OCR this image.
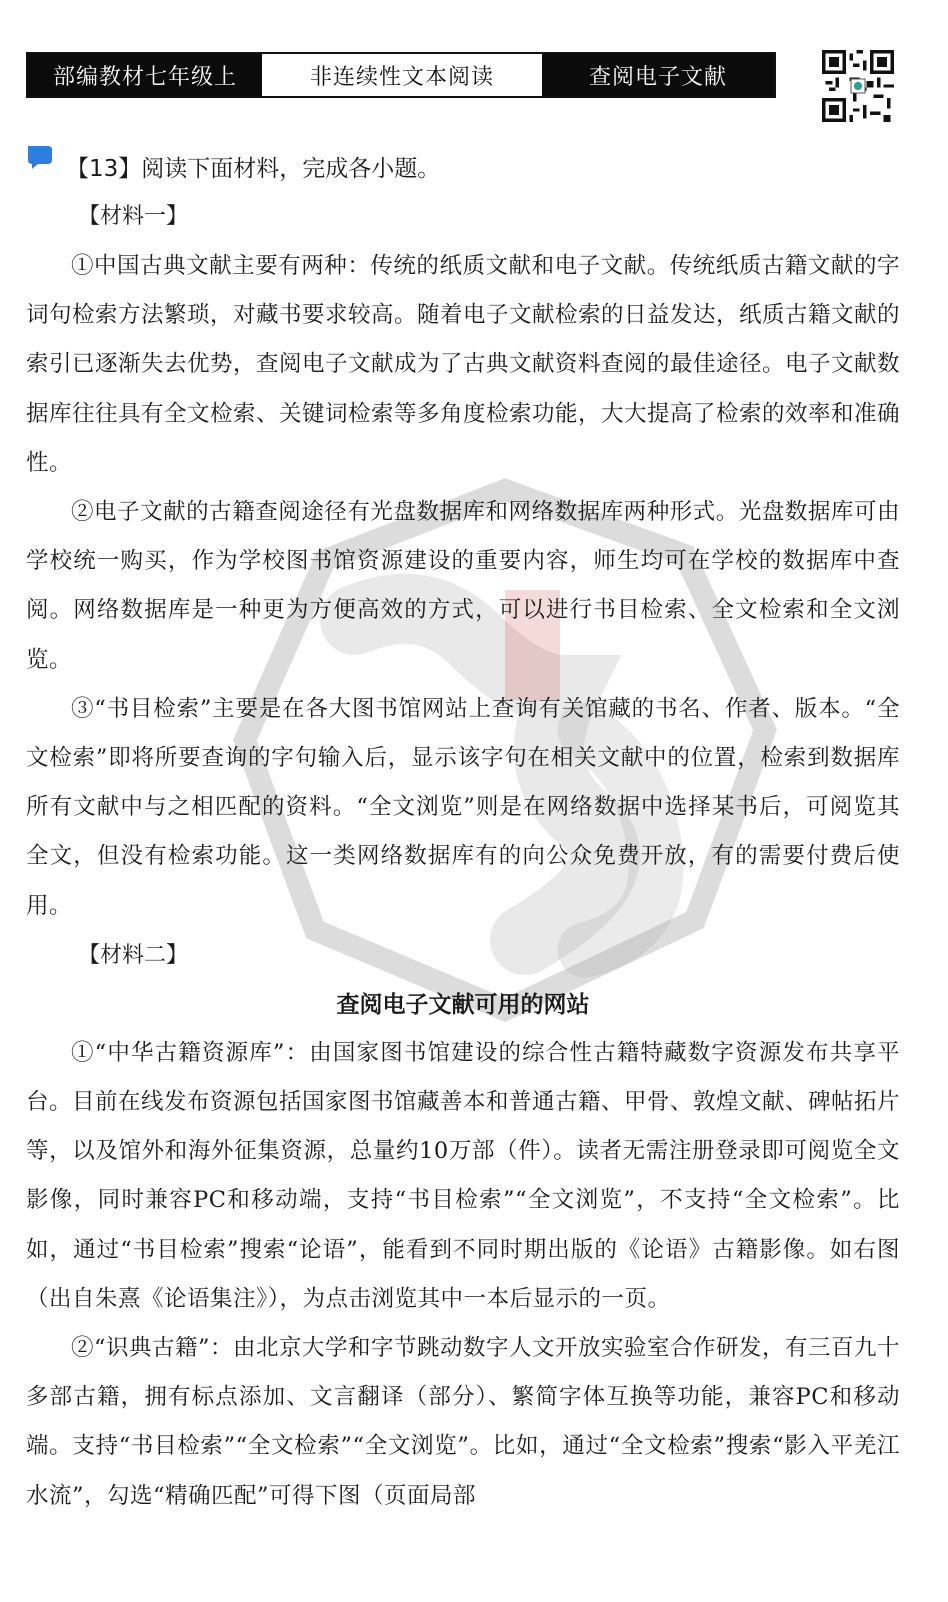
部编教材七年级上	非连续性文本阅读	查阅电子文献
【13】阅读下面材料，完成各小题。
【材料一】

①中国古典文献主要有两种：传统的纸质文献和电子文献。传统纸质古籍文献的字词句检索方法繁琐，对藏书要求较高。随着电子文献检索的日益发达，纸质古籍文献的索引已逐渐失去优势，查阅电子文献成为了古典文献资料查阅的最佳途径。电子文献数据库往往具有全文检索、关键词检索等多角度检索功能，大大提高了检索的效率和准确性。

②电子文献的古籍查阅途径有光盘数据库和网络数据库两种形式。光盘数据库可由学校统一购买，作为学校图书馆资源建设的重要内容，师生均可在学校的数据库中查阅。网络数据库是一种更为方便高效的方式，可以进行书目检索、全文检索和全文浏览。

③“书目检索”主要是在各大图书馆网站上查询有关馆藏的书名、作者、版本。“全文检索”即将所要查询的字句输入后，显示该字句在相关文献中的位置，检索到数据库所有文献中与之相匹配的资料。“全文浏览”则是在网络数据中选择某书后，可阅览其全文，但没有检索功能。这一类网络数据库有的向公众免费开放，有的需要付费后使用。

【材料二】
查阅电子文献可用的网站

①“中华古籍资源库”：由国家图书馆建设的综合性古籍特藏数字资源发布共享平台。目前在线发布资源包括国家图书馆藏善本和普通古籍、甲骨、敦煌文献、碑帖拓片等，以及馆外和海外征集资源，总量约10万部（件）。读者无需注册登录即可阅览全文影像，同时兼容PC和移动端，支持“书目检索”“全文浏览”，不支持“全文检索”。比如，通过“书目检索”搜索“论语”，能看到不同时期出版的《论语》古籍影像。如右图（出自朱熹《论语集注》），为点击浏览其中一本后显示的一页。

②“识典古籍”：由北京大学和字节跳动数字人文开放实验室合作研发，有三百九十多部古籍，拥有标点添加、文言翻译（部分）、繁简字体互换等功能，兼容PC和移动端。支持“书目检索”“全文检索”“全文浏览”。比如，通过“全文检索”搜索“影入平羌江水流”，勾选“精确匹配”可得下图（页面局部
